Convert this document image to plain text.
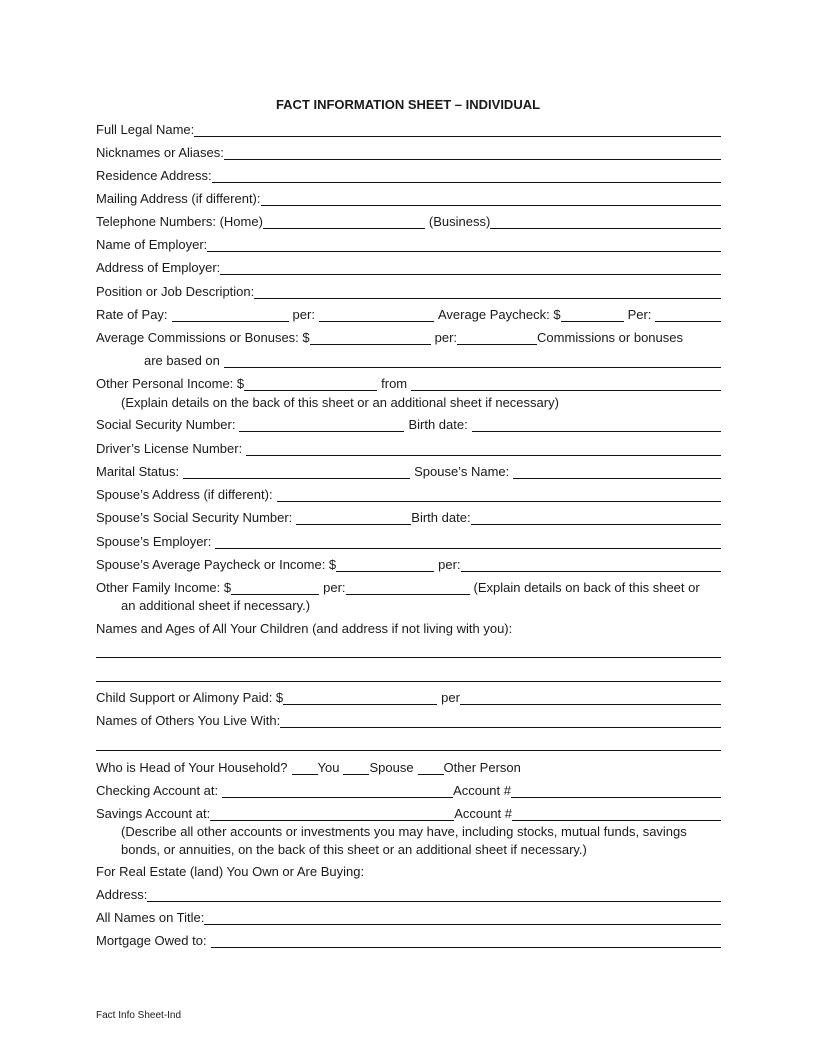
FACT INFORMATION SHEET – INDIVIDUAL
Full Legal Name:
Nicknames or Aliases:
Residence Address:
Mailing Address (if different):
Telephone Numbers: (Home)	(Business)
Name of Employer:
Address of Employer:
Position or Job Description:
Rate of Pay:	per:	Average Paycheck: $	Per:
Average Commissions or Bonuses: $	per:	Commissions or bonuses
are based on
Other Personal Income: $	from
(Explain details on the back of this sheet or an additional sheet if necessary)
Social Security Number:	Birth date:
Driver’s License Number:
Marital Status:	Spouse’s Name:
Spouse’s Address (if different):
Spouse’s Social Security Number:	Birth date:
Spouse’s Employer:
Spouse’s Average Paycheck or Income: $	per:
Other Family Income: $	per:	(Explain details on back of this sheet or
an additional sheet if necessary.)
Names and Ages of All Your Children (and address if not living with you):
Child Support or Alimony Paid: $	per
Names of Others You Live With:
Who is Head of Your Household? You Spouse Other Person
Checking Account at:	Account #
Savings Account at:	Account #
(Describe all other accounts or investments you may have, including stocks, mutual funds, savings
bonds, or annuities, on the back of this sheet or an additional sheet if necessary.)
For Real Estate (land) You Own or Are Buying:
Address:
All Names on Title:
Mortgage Owed to:
Fact Info Sheet-Ind
